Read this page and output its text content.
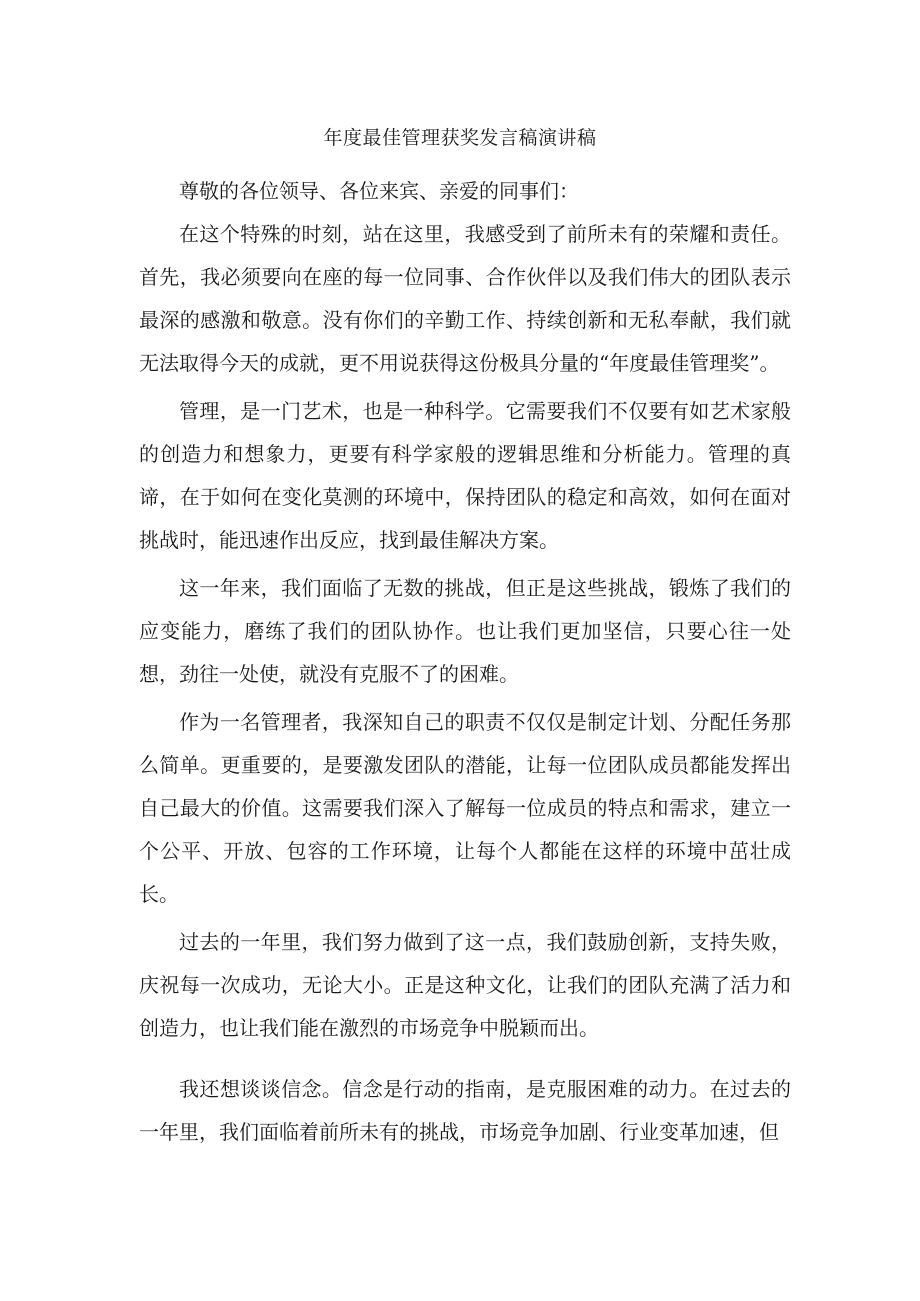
年度最佳管理获奖发言稿演讲稿

尊敬的各位领导、各位来宾、亲爱的同事们：

在这个特殊的时刻，站在这里，我感受到了前所未有的荣耀和责任。首先，我必须要向在座的每一位同事、合作伙伴以及我们伟大的团队表示最深的感激和敬意。没有你们的辛勤工作、持续创新和无私奉献，我们就无法取得今天的成就，更不用说获得这份极具分量的“年度最佳管理奖”。

管理，是一门艺术，也是一种科学。它需要我们不仅要有如艺术家般的创造力和想象力，更要有科学家般的逻辑思维和分析能力。管理的真谛，在于如何在变化莫测的环境中，保持团队的稳定和高效，如何在面对挑战时，能迅速作出反应，找到最佳解决方案。

这一年来，我们面临了无数的挑战，但正是这些挑战，锻炼了我们的应变能力，磨练了我们的团队协作。也让我们更加坚信，只要心往一处想，劲往一处使，就没有克服不了的困难。

作为一名管理者，我深知自己的职责不仅仅是制定计划、分配任务那么简单。更重要的，是要激发团队的潜能，让每一位团队成员都能发挥出自己最大的价值。这需要我们深入了解每一位成员的特点和需求，建立一个公平、开放、包容的工作环境，让每个人都能在这样的环境中茁壮成长。

过去的一年里，我们努力做到了这一点，我们鼓励创新，支持失败，庆祝每一次成功，无论大小。正是这种文化，让我们的团队充满了活力和创造力，也让我们能在激烈的市场竞争中脱颖而出。

我还想谈谈信念。信念是行动的指南，是克服困难的动力。在过去的一年里，我们面临着前所未有的挑战，市场竞争加剧、行业变革加速，但
